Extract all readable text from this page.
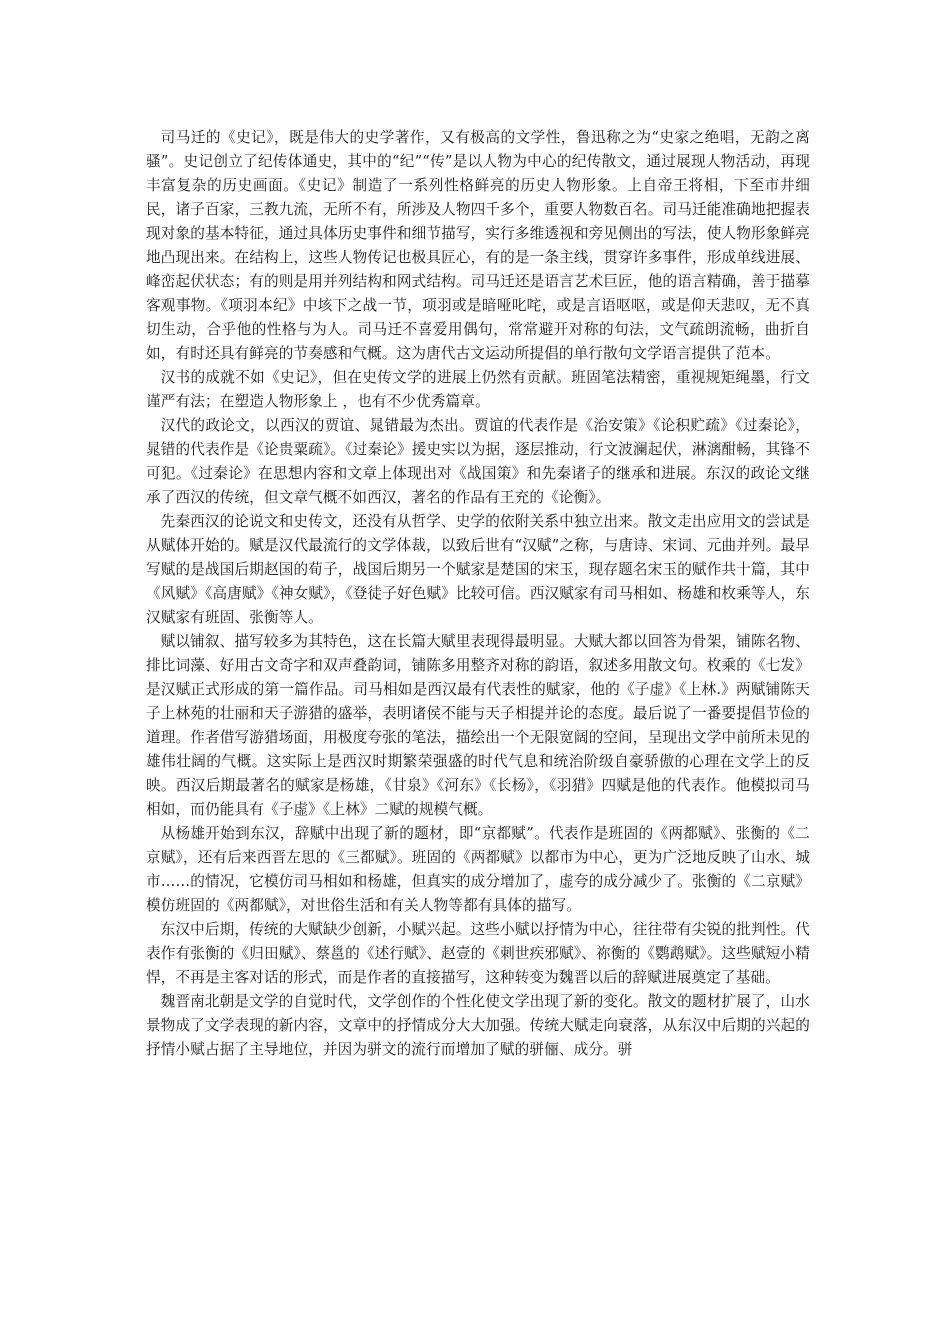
司马迁的《史记》，既是伟大的史学著作，又有极高的文学性，鲁迅称之为“史家之绝唱，无韵之离骚”。史记创立了纪传体通史，其中的“纪”“传”是以人物为中心的纪传散文，通过展现人物活动，再现丰富复杂的历史画面。《史记》制造了一系列性格鲜亮的历史人物形象。上自帝王将相，下至市井细民，诸子百家，三教九流，无所不有，所涉及人物四千多个，重要人物数百名。司马迁能准确地把握表现对象的基本特征，通过具体历史事件和细节描写，实行多维透视和旁见侧出的写法，使人物形象鲜亮地凸现出来。在结构上，这些人物传记也极具匠心，有的是一条主线，贯穿许多事件，形成单线进展、峰峦起伏状态；有的则是用并列结构和网式结构。司马迁还是语言艺术巨匠，他的语言精确，善于描摹客观事物。《项羽本纪》中垓下之战一节，项羽或是暗哑叱咤，或是言语呕呕，或是仰天悲叹，无不真切生动，合乎他的性格与为人。司马迁不喜爱用偶句，常常避开对称的句法，文气疏朗流畅，曲折自如，有时还具有鲜亮的节奏感和气概。这为唐代古文运动所提倡的单行散句文学语言提供了范本。

汉书的成就不如《史记》，但在史传文学的进展上仍然有贡献。班固笔法精密，重视规矩绳墨，行文谨严有法；在塑造人物形象上 ，也有不少优秀篇章。

汉代的政论文，以西汉的贾谊、晁错最为杰出。贾谊的代表作是《治安策》《论积贮疏》《过秦论》，晁错的代表作是《论贵粟疏》。《过秦论》援史实以为据，逐层推动，行文波澜起伏，淋漓酣畅，其锋不可犯。《过秦论》在思想内容和文章上体现出对《战国策》和先秦诸子的继承和进展。东汉的政论文继承了西汉的传统，但文章气概不如西汉，著名的作品有王充的《论衡》。

先秦西汉的论说文和史传文，还没有从哲学、史学的依附关系中独立出来。散文走出应用文的尝试是从赋体开始的。赋是汉代最流行的文学体裁，以致后世有“汉赋”之称，与唐诗、宋词、元曲并列。最早写赋的是战国后期赵国的荀子，战国后期另一个赋家是楚国的宋玉，现存题名宋玉的赋作共十篇，其中《风赋》《高唐赋》《神女赋》，《登徒子好色赋》比较可信。西汉赋家有司马相如、杨雄和枚乘等人，东汉赋家有班固、张衡等人。

赋以铺叙、描写较多为其特色，这在长篇大赋里表现得最明显。大赋大都以回答为骨架，铺陈名物、排比词藻、好用古文奇字和双声叠韵词，铺陈多用整齐对称的韵语，叙述多用散文句。枚乘的《七发》是汉赋正式形成的第一篇作品。司马相如是西汉最有代表性的赋家，他的《子虚》《上林.》两赋铺陈天子上林苑的壮丽和天子游猎的盛举，表明诸侯不能与天子相提并论的态度。最后说了一番要提倡节俭的道理。作者借写游猎场面，用极度夸张的笔法，描绘出一个无限宽阔的空间，呈现出文学中前所未见的雄伟壮阔的气概。这实际上是西汉时期繁荣强盛的时代气息和统治阶级自豪骄傲的心理在文学上的反映。西汉后期最著名的赋家是杨雄，《甘泉》《河东》《长杨》，《羽猎》四赋是他的代表作。他模拟司马相如，而仍能具有《子虚》《上林》二赋的规模气概。

从杨雄开始到东汉，辞赋中出现了新的题材，即“京都赋”。代表作是班固的《两都赋》、张衡的《二京赋》，还有后来西晋左思的《三都赋》。班固的《两都赋》以都市为中心，更为广泛地反映了山水、城市……的情况，它模仿司马相如和杨雄，但真实的成分增加了，虚夸的成分减少了。张衡的《二京赋》模仿班固的《两都赋》，对世俗生活和有关人物等都有具体的描写。

东汉中后期，传统的大赋缺少创新，小赋兴起。这些小赋以抒情为中心，往往带有尖锐的批判性。代表作有张衡的《归田赋》、蔡邕的《述行赋》、赵壹的《刺世疾邪赋》、祢衡的《鹦鹉赋》。这些赋短小精悍，不再是主客对话的形式，而是作者的直接描写，这种转变为魏晋以后的辞赋进展奠定了基础。

魏晋南北朝是文学的自觉时代，文学创作的个性化使文学出现了新的变化。散文的题材扩展了，山水景物成了文学表现的新内容，文章中的抒情成分大大加强。传统大赋走向衰落，从东汉中后期的兴起的抒情小赋占据了主导地位，并因为骈文的流行而增加了赋的骈俪、成分。骈
